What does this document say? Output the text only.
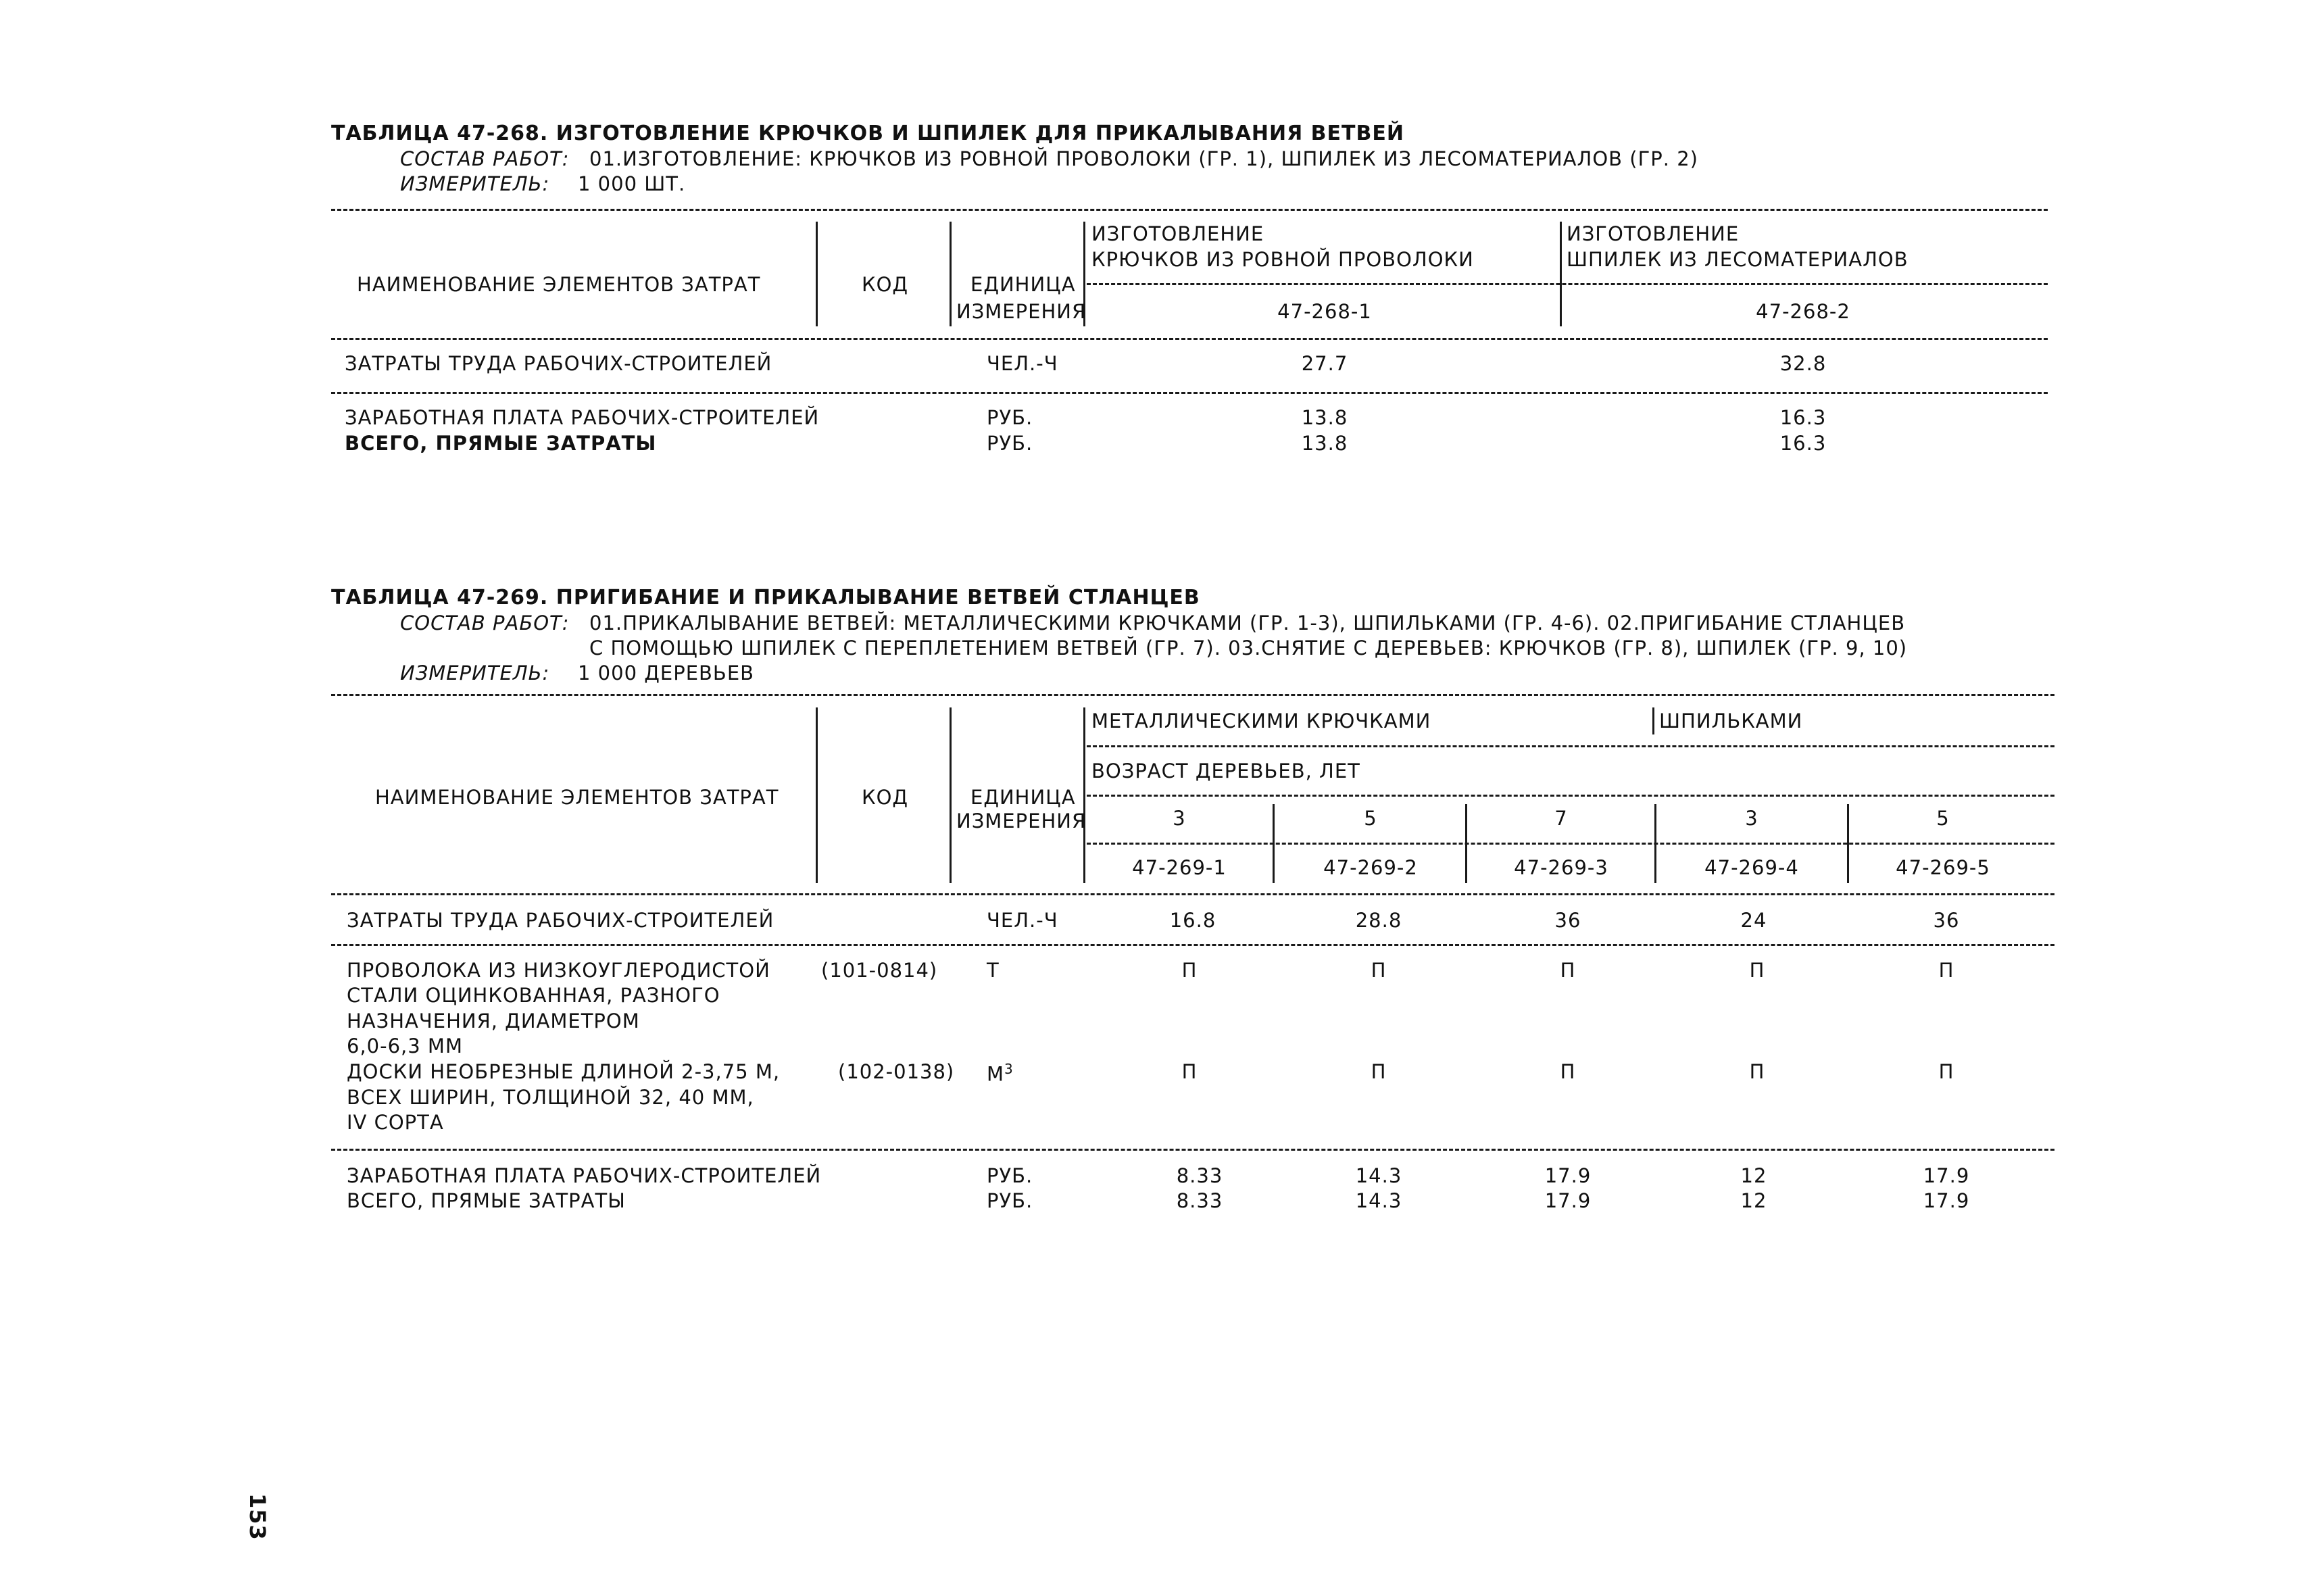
ТАБЛИЦА 47-268. ИЗГОТОВЛЕНИЕ КРЮЧКОВ И ШПИЛЕК ДЛЯ ПРИКАЛЫВАНИЯ ВЕТВЕЙ
СОСТАВ РАБОТ: 01.ИЗГОТОВЛЕНИЕ: КРЮЧКОВ ИЗ РОВНОЙ ПРОВОЛОКИ (ГР. 1), ШПИЛЕК ИЗ ЛЕСОМАТЕРИАЛОВ (ГР. 2)
ИЗМЕРИТЕЛЬ: 1 000 ШТ.
НАИМЕНОВАНИЕ ЭЛЕМЕНТОВ ЗАТРАТ	КОД	ЕДИНИЦА
ИЗМЕРЕНИЯ
ИЗГОТОВЛЕНИЕ
КРЮЧКОВ ИЗ РОВНОЙ ПРОВОЛОКИ
ИЗГОТОВЛЕНИЕ
ШПИЛЕК ИЗ ЛЕСОМАТЕРИАЛОВ
47-268-1	47-268-2
ЗАТРАТЫ ТРУДА РАБОЧИХ-СТРОИТЕЛЕЙ	ЧЕЛ.-Ч	27.7	32.8
ЗАРАБОТНАЯ ПЛАТА РАБОЧИХ-СТРОИТЕЛЕЙ	РУБ.	13.8	16.3
ВСЕГО, ПРЯМЫЕ ЗАТРАТЫ	РУБ.	13.8	16.3
ТАБЛИЦА 47-269. ПРИГИБАНИЕ И ПРИКАЛЫВАНИЕ ВЕТВЕЙ СТЛАНЦЕВ
СОСТАВ РАБОТ: 01.ПРИКАЛЫВАНИЕ ВЕТВЕЙ: МЕТАЛЛИЧЕСКИМИ КРЮЧКАМИ (ГР. 1-3), ШПИЛЬКАМИ (ГР. 4-6). 02.ПРИГИБАНИЕ СТЛАНЦЕВ
С ПОМОЩЬЮ ШПИЛЕК С ПЕРЕПЛЕТЕНИЕМ ВЕТВЕЙ (ГР. 7). 03.СНЯТИЕ С ДЕРЕВЬЕВ: КРЮЧКОВ (ГР. 8), ШПИЛЕК (ГР. 9, 10)
ИЗМЕРИТЕЛЬ: 1 000 ДЕРЕВЬЕВ
НАИМЕНОВАНИЕ ЭЛЕМЕНТОВ ЗАТРАТ	КОД	ЕДИНИЦА
ИЗМЕРЕНИЯ
МЕТАЛЛИЧЕСКИМИ КРЮЧКАМИ	ШПИЛЬКАМИ
ВОЗРАСТ ДЕРЕВЬЕВ, ЛЕТ
3	5	7	3	5
47-269-1	47-269-2	47-269-3	47-269-4	47-269-5
ЗАТРАТЫ ТРУДА РАБОЧИХ-СТРОИТЕЛЕЙ	ЧЕЛ.-Ч	16.8	28.8	36	24	36
ПРОВОЛОКА ИЗ НИЗКОУГЛЕРОДИСТОЙ
СТАЛИ ОЦИНКОВАННАЯ, РАЗНОГО
НАЗНАЧЕНИЯ, ДИАМЕТРОМ
6,0-6,3 ММ
(101-0814)	Т	П	П	П	П	П
ДОСКИ НЕОБРЕЗНЫЕ ДЛИНОЙ 2-3,75 М,
ВСЕХ ШИРИН, ТОЛЩИНОЙ 32, 40 ММ,
IV СОРТА
(102-0138) $М^3$	П	П	П	П	П
ЗАРАБОТНАЯ ПЛАТА РАБОЧИХ-СТРОИТЕЛЕЙ	РУБ.	8.33	14.3	17.9	12	17.9
ВСЕГО, ПРЯМЫЕ ЗАТРАТЫ	РУБ.	8.33	14.3	17.9	12	17.9
153
